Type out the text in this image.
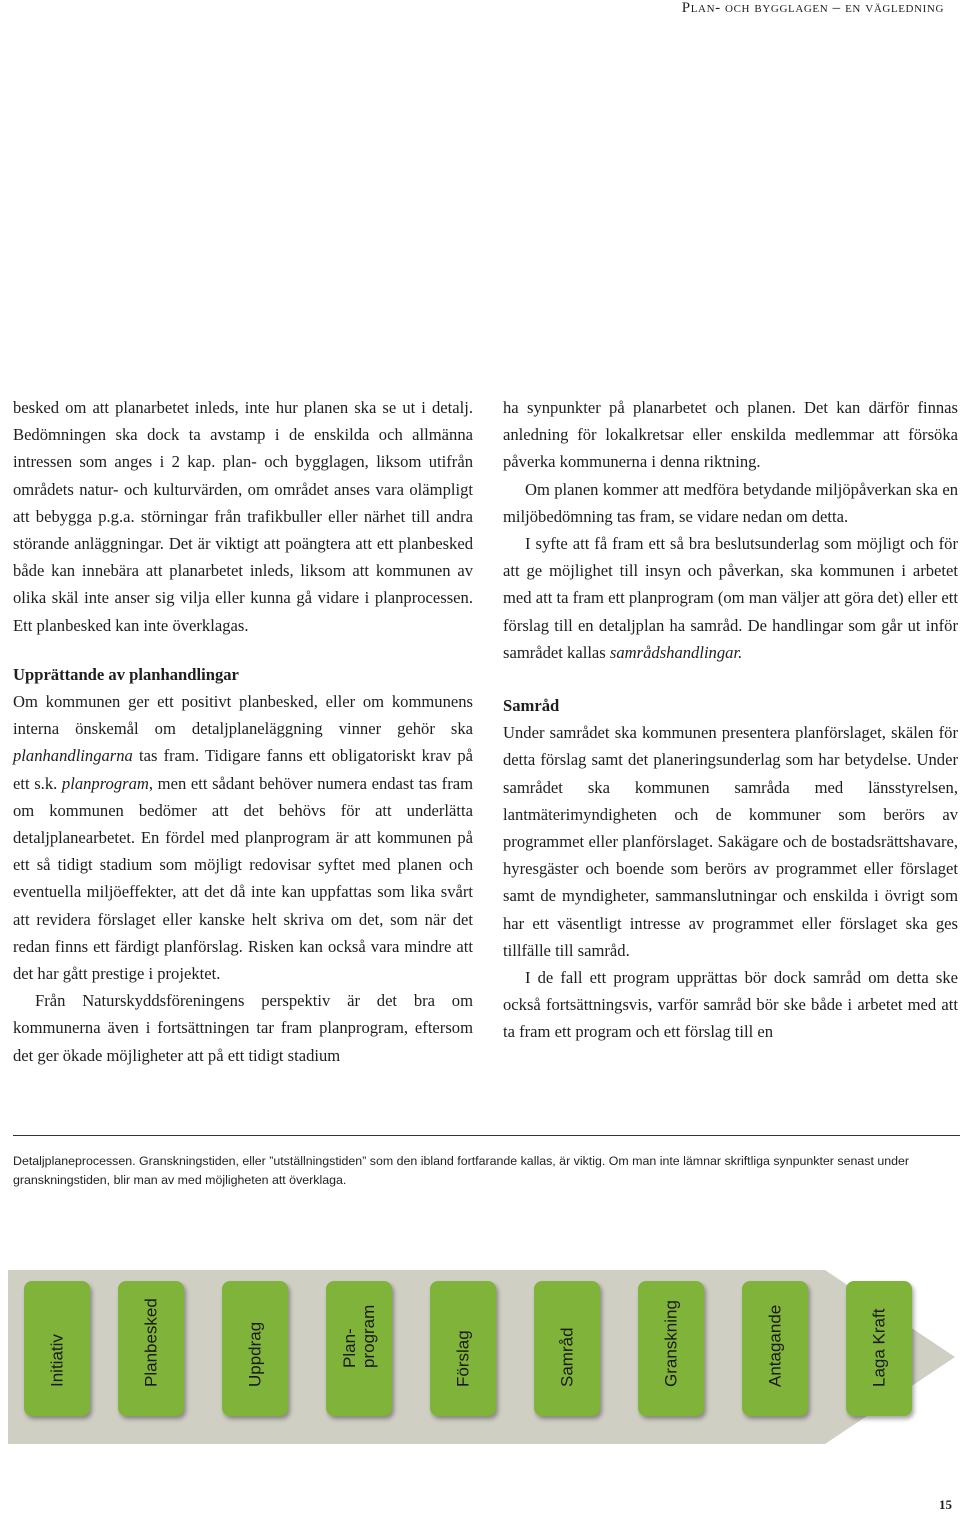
Plan- och bygglagen – en vägledning

besked om att planarbetet inleds, inte hur planen ska se ut i detalj. Bedömningen ska dock ta avstamp i de enskilda och allmänna intressen som anges i 2 kap. plan- och bygglagen, liksom utifrån områdets natur- och kulturvärden, om området anses vara olämpligt att bebygga p.g.a. störningar från trafikbuller eller närhet till andra störande anläggningar. Det är viktigt att poängtera att ett planbesked både kan innebära att planarbetet inleds, liksom att kommunen av olika skäl inte anser sig vilja eller kunna gå vidare i planprocessen. Ett planbesked kan inte överklagas.

Upprättande av planhandlingar

Om kommunen ger ett positivt planbesked, eller om kommunens interna önskemål om detaljplaneläggning vinner gehör ska planhandlingarna tas fram. Tidigare fanns ett obligatoriskt krav på ett s.k. planprogram, men ett sådant behöver numera endast tas fram om kommunen bedömer att det behövs för att underlätta detaljplanearbetet. En fördel med planprogram är att kommunen på ett så tidigt stadium som möjligt redovisar syftet med planen och eventuella miljöeffekter, att det då inte kan uppfattas som lika svårt att revidera förslaget eller kanske helt skriva om det, som när det redan finns ett färdigt planförslag. Risken kan också vara mindre att det har gått prestige i projektet.

Från Naturskyddsföreningens perspektiv är det bra om kommunerna även i fortsättningen tar fram planprogram, eftersom det ger ökade möjligheter att på ett tidigt stadium

ha synpunkter på planarbetet och planen. Det kan därför finnas anledning för lokalkretsar eller enskilda medlemmar att försöka påverka kommunerna i denna riktning.

Om planen kommer att medföra betydande miljöpåverkan ska en miljöbedömning tas fram, se vidare nedan om detta.

I syfte att få fram ett så bra beslutsunderlag som möjligt och för att ge möjlighet till insyn och påverkan, ska kommunen i arbetet med att ta fram ett planprogram (om man väljer att göra det) eller ett förslag till en detaljplan ha samråd. De handlingar som går ut inför samrådet kallas samrådshandlingar.

Samråd

Under samrådet ska kommunen presentera planförslaget, skälen för detta förslag samt det planeringsunderlag som har betydelse. Under samrådet ska kommunen samråda med länsstyrelsen, lantmäterimyndigheten och de kommuner som berörs av programmet eller planförslaget. Sakägare och de bostadsrättshavare, hyresgäster och boende som berörs av programmet eller förslaget samt de myndigheter, sammanslutningar och enskilda i övrigt som har ett väsentligt intresse av programmet eller förslaget ska ges tillfälle till samråd.

I de fall ett program upprättas bör dock samråd om detta ske också fortsättningsvis, varför samråd bör ske både i arbetet med att ta fram ett program och ett förslag till en

Detaljplaneprocessen. Granskningstiden, eller ”utställningstiden” som den ibland fortfarande kallas, är viktig. Om man inte lämnar skriftliga synpunkter senast under granskningstiden, blir man av med möjligheten att överklaga.
Initiativ	Planbesked	Uppdrag	Plan-
program	Förslag	Samråd	Granskning	Antagande	Laga Kraft
15
